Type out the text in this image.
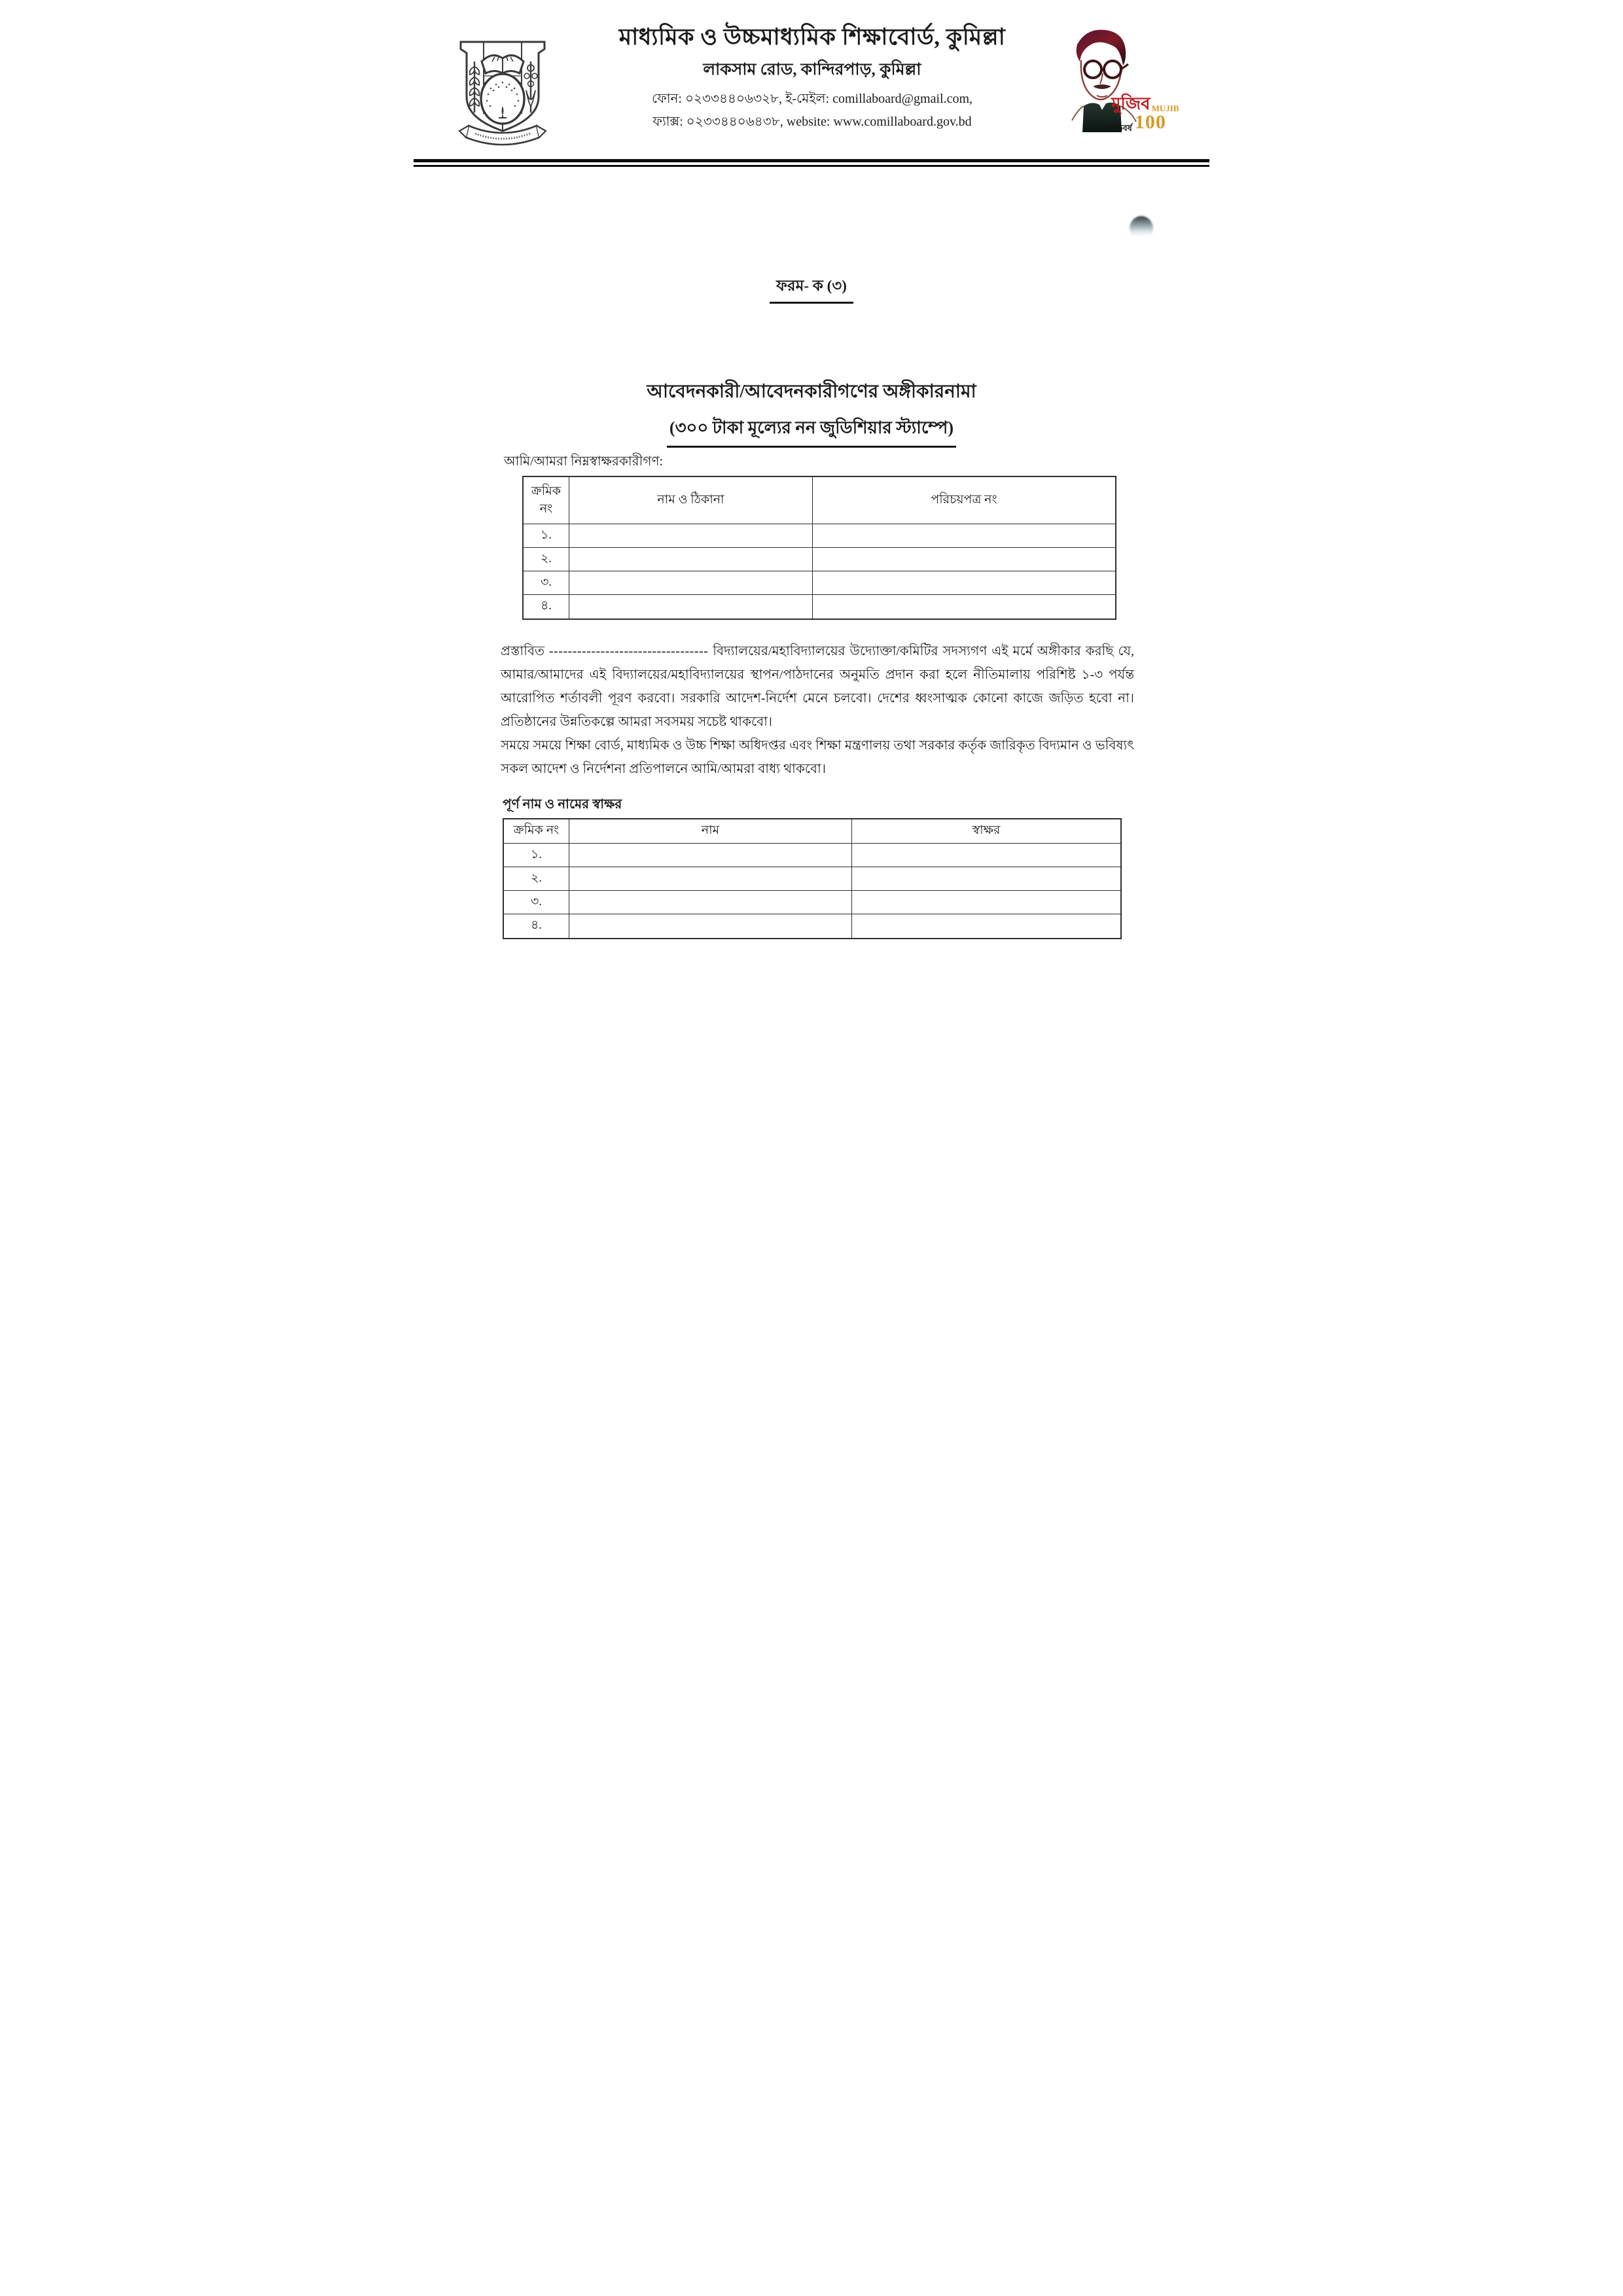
মাধ্যমিক ও উচ্চমাধ্যমিক শিক্ষাবোর্ড, কুমিল্লা
লাকসাম রোড, কান্দিরপাড়, কুমিল্লা
ফোন: ০২৩৩৪৪০৬৩২৮, ই-মেইল: comillaboard@gmail.com,
ফ্যাক্স: ০২৩৩৪৪০৬৪৩৮, website: www.comillaboard.gov.bd
মুজিব MUJIB
শতবর্ষ 100
ফরম- ক (৩)
আবেদনকারী/আবেদনকারীগণের অঙ্গীকারনামা
(৩০০ টাকা মূল্যের নন জুডিশিয়ার স্ট্যাম্পে)
আমি/আমরা নিম্নস্বাক্ষরকারীগণ:
ক্রমিক
নং
নাম ও ঠিকানা	পরিচয়পত্র নং
১.
২.
৩.
৪.

প্রস্তাবিত ---------------------------------- বিদ্যালয়ের/মহাবিদ্যালয়ের উদ্যোক্তা/কমিটির সদস্যগণ এই মর্মে অঙ্গীকার করছি যে, আমার/আমাদের এই বিদ্যালয়ের/মহাবিদ্যালয়ের স্থাপন/পাঠদানের অনুমতি প্রদান করা হলে নীতিমালায় পরিশিষ্ট ১-৩ পর্যন্ত আরোপিত শর্তাবলী পূরণ করবো। সরকারি আদেশ-নির্দেশ মেনে চলবো। দেশের ধ্বংসাত্মক কোনো কাজে জড়িত হবো না। প্রতিষ্ঠানের উন্নতিকল্পে আমরা সবসময় সচেষ্ট থাকবো।

সময়ে সময়ে শিক্ষা বোর্ড, মাধ্যমিক ও উচ্চ শিক্ষা অধিদপ্তর এবং শিক্ষা মন্ত্রণালয় তথা সরকার কর্তৃক জারিকৃত বিদ্যমান ও ভবিষ্যৎ সকল আদেশ ও নির্দেশনা প্রতিপালনে আমি/আমরা বাধ্য থাকবো।

পূর্ণ নাম ও নামের স্বাক্ষর
ক্রমিক নং	নাম	স্বাক্ষর
১.
২.
৩.
৪.
